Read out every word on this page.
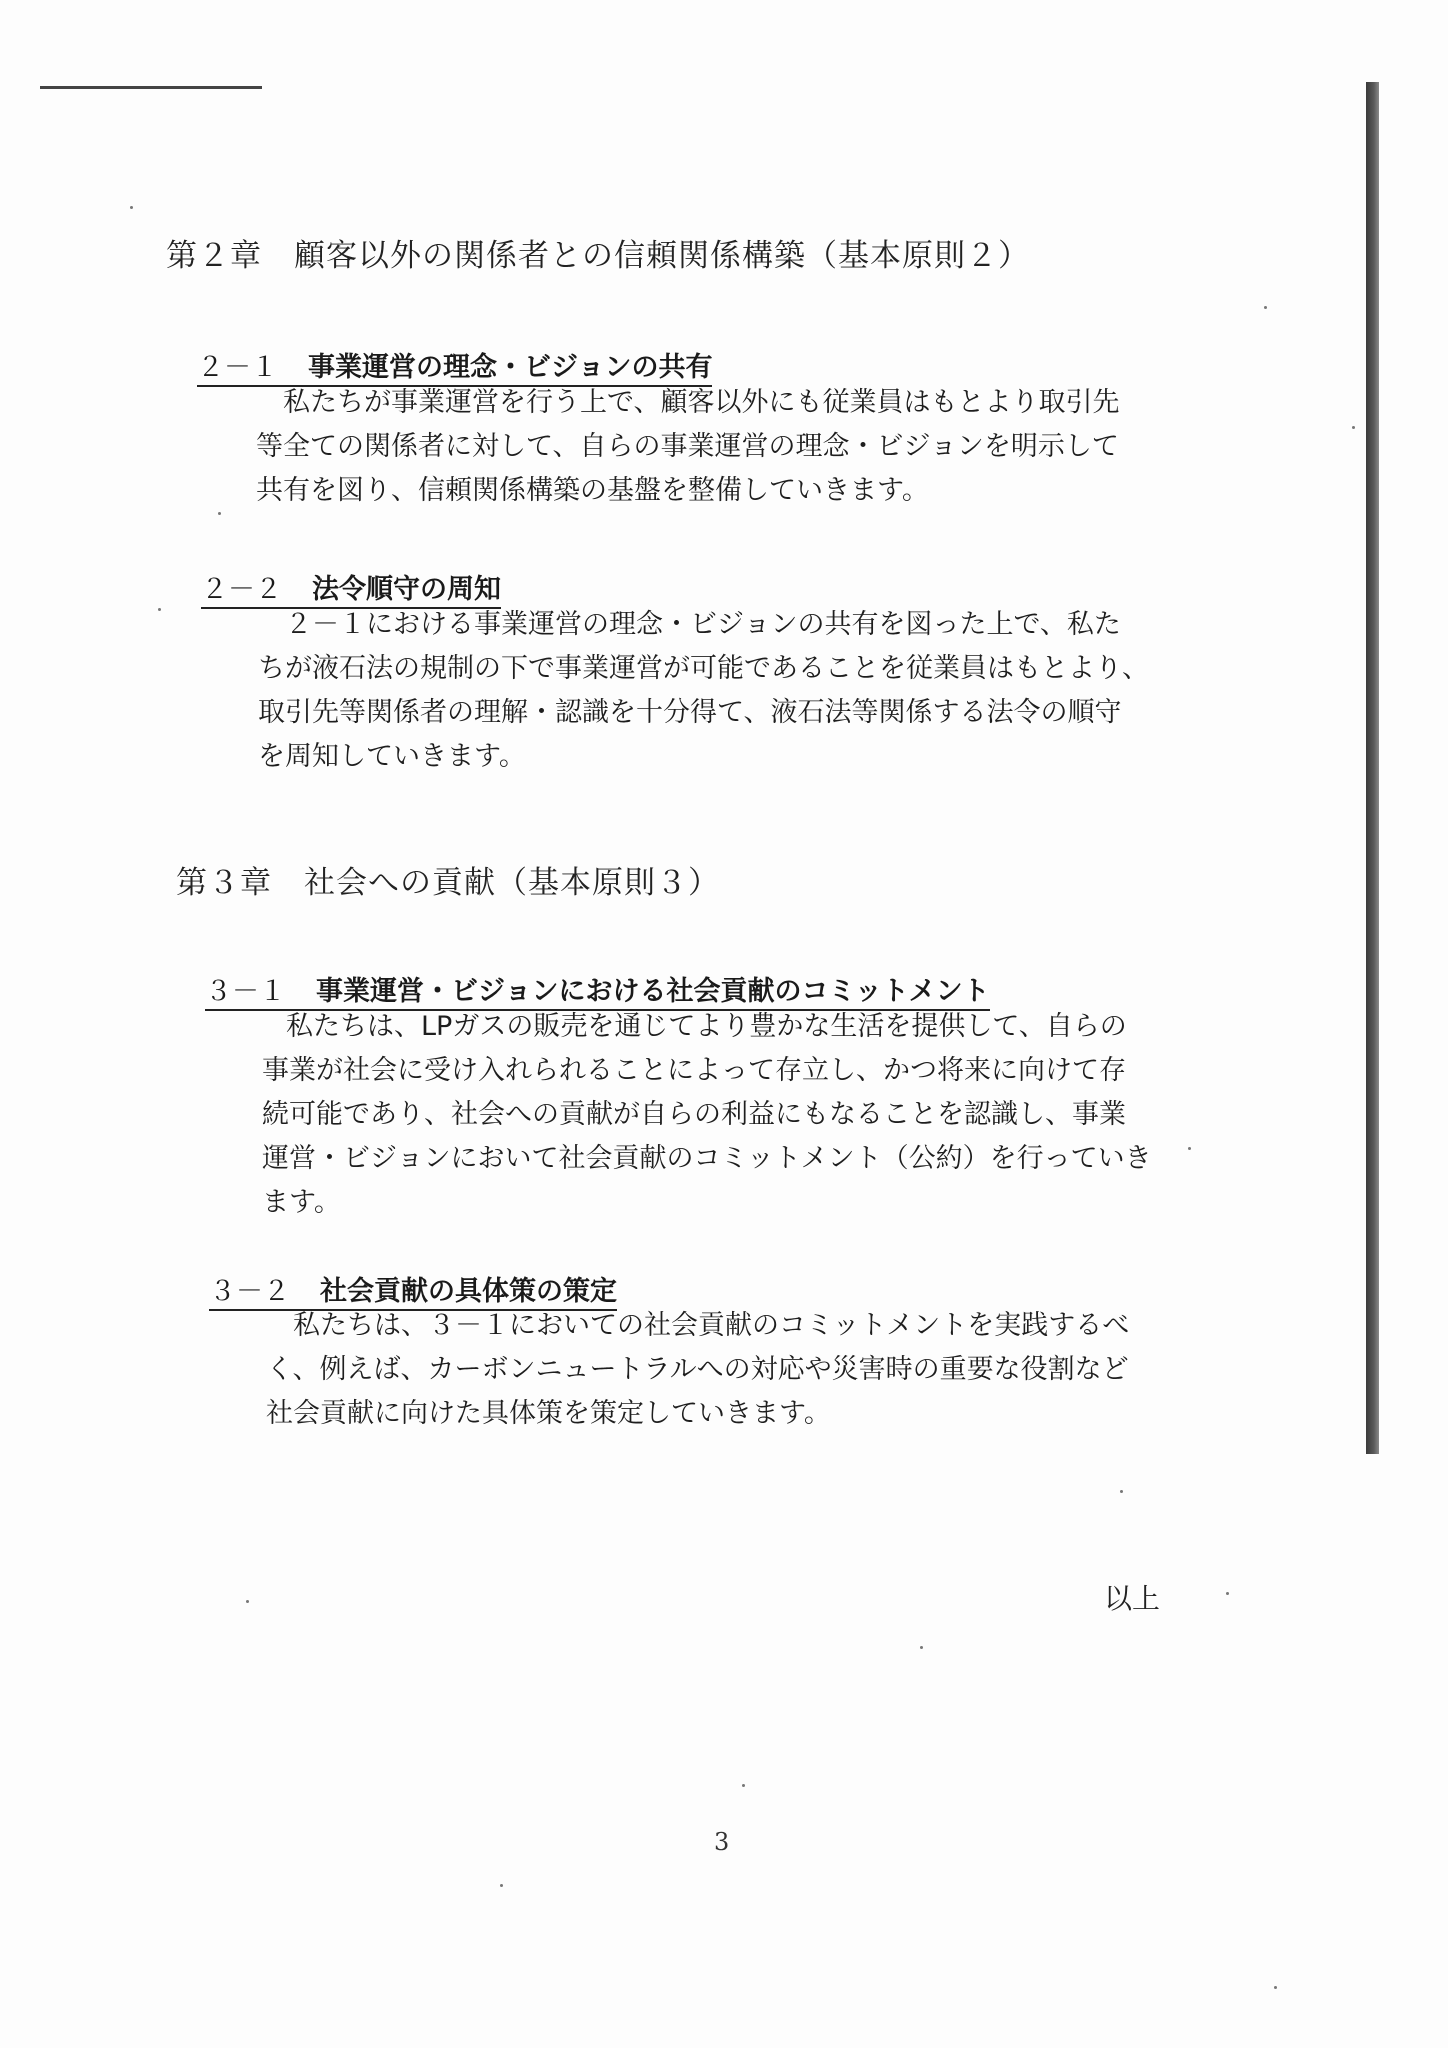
第２章　顧客以外の関係者との信頼関係構築（基本原則２）
２－１ 事業運営の理念・ビジョンの共有
私たちが事業運営を行う上で、顧客以外にも従業員はもとより取引先
等全ての関係者に対して、自らの事業運営の理念・ビジョンを明示して
共有を図り、信頼関係構築の基盤を整備していきます。
２－２ 法令順守の周知
２－１における事業運営の理念・ビジョンの共有を図った上で、私た
ちが液石法の規制の下で事業運営が可能であることを従業員はもとより、
取引先等関係者の理解・認識を十分得て、液石法等関係する法令の順守
を周知していきます。
第３章　社会への貢献（基本原則３）
３－１ 事業運営・ビジョンにおける社会貢献のコミットメント
私たちは、LPガスの販売を通じてより豊かな生活を提供して、自らの
事業が社会に受け入れられることによって存立し、かつ将来に向けて存
続可能であり、社会への貢献が自らの利益にもなることを認識し、事業
運営・ビジョンにおいて社会貢献のコミットメント（公約）を行っていき
ます。
３－２ 社会貢献の具体策の策定
私たちは、３－１においての社会貢献のコミットメントを実践するべ
く、例えば、カーボンニュートラルへの対応や災害時の重要な役割など
社会貢献に向けた具体策を策定していきます。
以上
3
